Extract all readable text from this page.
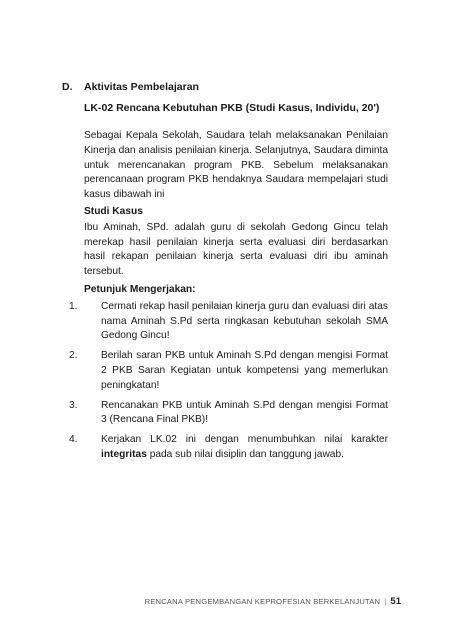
D. Aktivitas Pembelajaran
LK-02 Rencana Kebutuhan PKB (Studi Kasus, Individu, 20')

Sebagai Kepala Sekolah, Saudara telah melaksanakan Penilaian Kinerja dan analisis penilaian kinerja. Selanjutnya, Saudara diminta untuk merencanakan program PKB. Sebelum melaksanakan perencanaan program PKB hendaknya Saudara mempelajari studi kasus dibawah ini

Studi Kasus

Ibu Aminah, SPd. adalah guru di sekolah Gedong Gincu telah merekap hasil penilaian kinerja serta evaluasi diri berdasarkan hasil rekapan penilaian kinerja serta evaluasi diri ibu aminah tersebut.

Petunjuk Mengerjakan:
1. Cermati rekap hasil penilaian kinerja guru dan evaluasi diri atas nama Aminah S.Pd serta ringkasan kebutuhan sekolah SMA Gedong Gincu!
2. Berilah saran PKB untuk Aminah S.Pd dengan mengisi Format 2 PKB Saran Kegiatan untuk kompetensi yang memerlukan peningkatan!
3. Rencanakan PKB untuk Aminah S.Pd dengan mengisi Format 3 (Rencana Final PKB)!
4. Kerjakan LK.02 ini dengan menumbuhkan nilai karakter integritas pada sub nilai disiplin dan tanggung jawab.
RENCANA PENGEMBANGAN KEPROFESIAN BERKELANJUTAN | 51
